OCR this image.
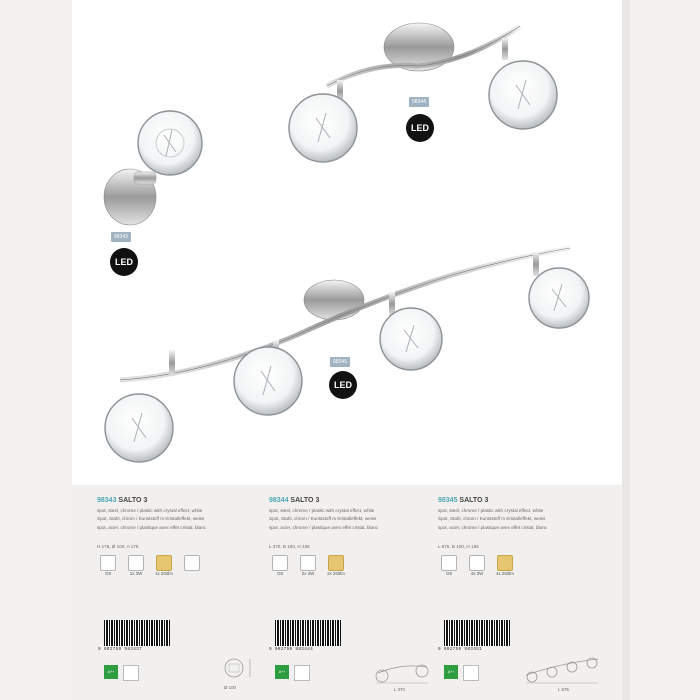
98343
LED
98344
LED
98345
LED
98343 SALTO 3
spot, steel, chrome / plastic with crystal effect, white
Spot, Stahl, chrom / Kunststoff m Kristalleffekt, weiss
spot, acier, chrome / plastique avec effet cristal, blanc
H 175, Ø 100, A 175
G9	1x 3W	1x 260lm
98344 SALTO 3
spot, steel, chrome / plastic with crystal effect, white
Spot, Stahl, chrom / Kunststoff m Kristalleffekt, weiss
spot, acier, chrome / plastique avec effet cristal, blanc
L 370, B 100, H 155
G9	2x 3W	2x 260lm
98345 SALTO 3
spot, steel, chrome / plastic with crystal effect, white
Spot, Stahl, chrom / Kunststoff m Kristalleffekt, weiss
spot, acier, chrome / plastique avec effet cristal, blanc
L 875, B 100, H 155
G9	4x 3W	4x 260lm
9 002759 983437	9 002759 983444	9 002759 983451
A++	A++	A++
Ø 100	L 370	L 875
